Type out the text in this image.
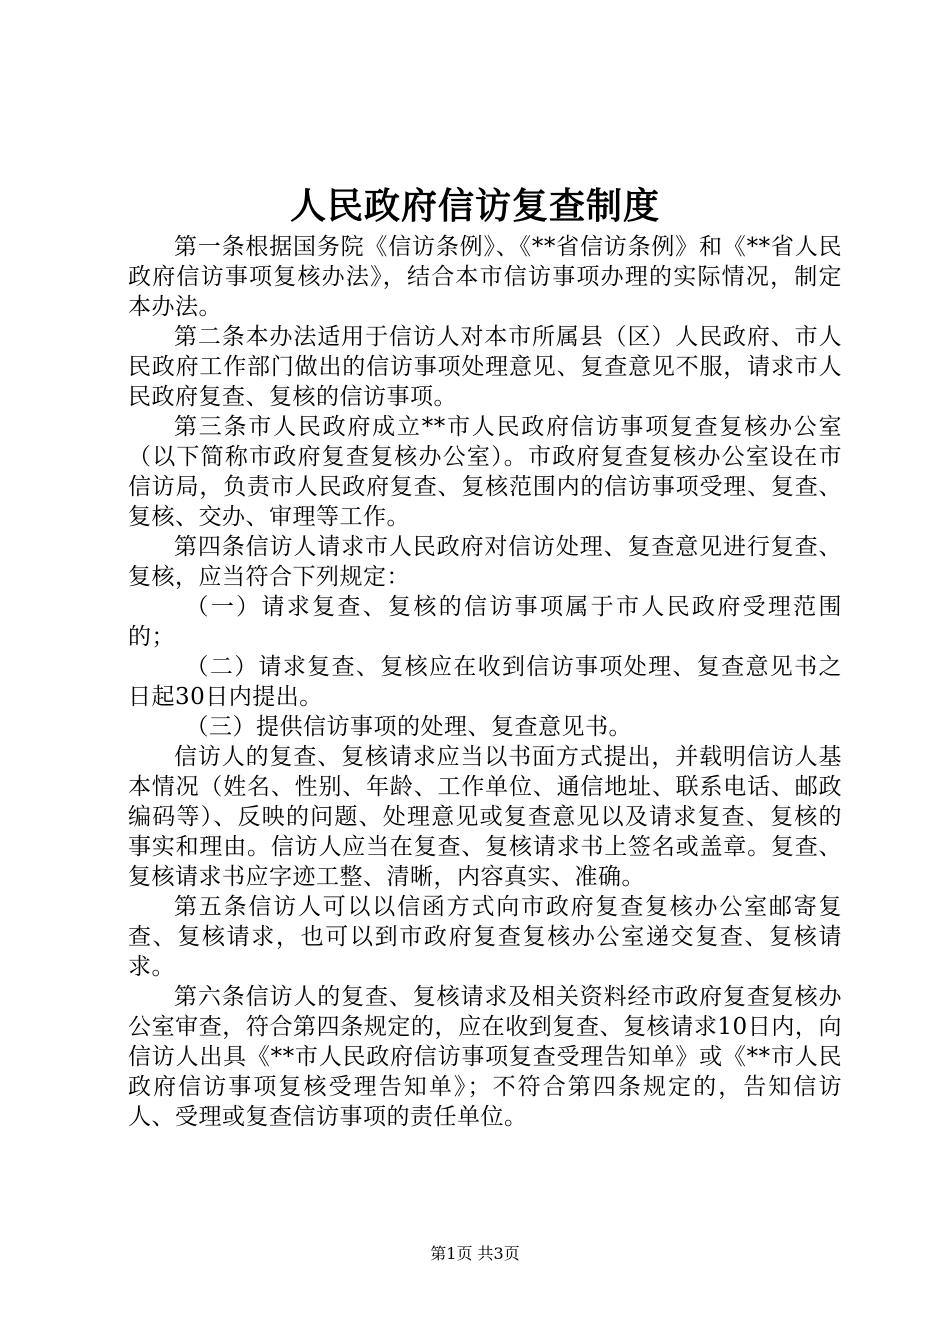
人民政府信访复查制度

第一条根据国务院《信访条例》、《**省信访条例》和《**省人民政府信访事项复核办法》，结合本市信访事项办理的实际情况，制定本办法。

第二条本办法适用于信访人对本市所属县（区）人民政府、市人民政府工作部门做出的信访事项处理意见、复查意见不服，请求市人民政府复查、复核的信访事项。

第三条市人民政府成立**市人民政府信访事项复查复核办公室（以下简称市政府复查复核办公室）。市政府复查复核办公室设在市信访局，负责市人民政府复查、复核范围内的信访事项受理、复查、复核、交办、审理等工作。

第四条信访人请求市人民政府对信访处理、复查意见进行复查、复核，应当符合下列规定：

（一）请求复查、复核的信访事项属于市人民政府受理范围的；

（二）请求复查、复核应在收到信访事项处理、复查意见书之日起30日内提出。

（三）提供信访事项的处理、复查意见书。

信访人的复查、复核请求应当以书面方式提出，并载明信访人基本情况（姓名、性别、年龄、工作单位、通信地址、联系电话、邮政编码等）、反映的问题、处理意见或复查意见以及请求复查、复核的事实和理由。信访人应当在复查、复核请求书上签名或盖章。复查、复核请求书应字迹工整、清晰，内容真实、准确。

第五条信访人可以以信函方式向市政府复查复核办公室邮寄复查、复核请求，也可以到市政府复查复核办公室递交复查、复核请求。

第六条信访人的复查、复核请求及相关资料经市政府复查复核办公室审查，符合第四条规定的，应在收到复查、复核请求10日内，向信访人出具《**市人民政府信访事项复查受理告知单》或《**市人民政府信访事项复核受理告知单》；不符合第四条规定的，告知信访人、受理或复查信访事项的责任单位。

第1页 共3页
